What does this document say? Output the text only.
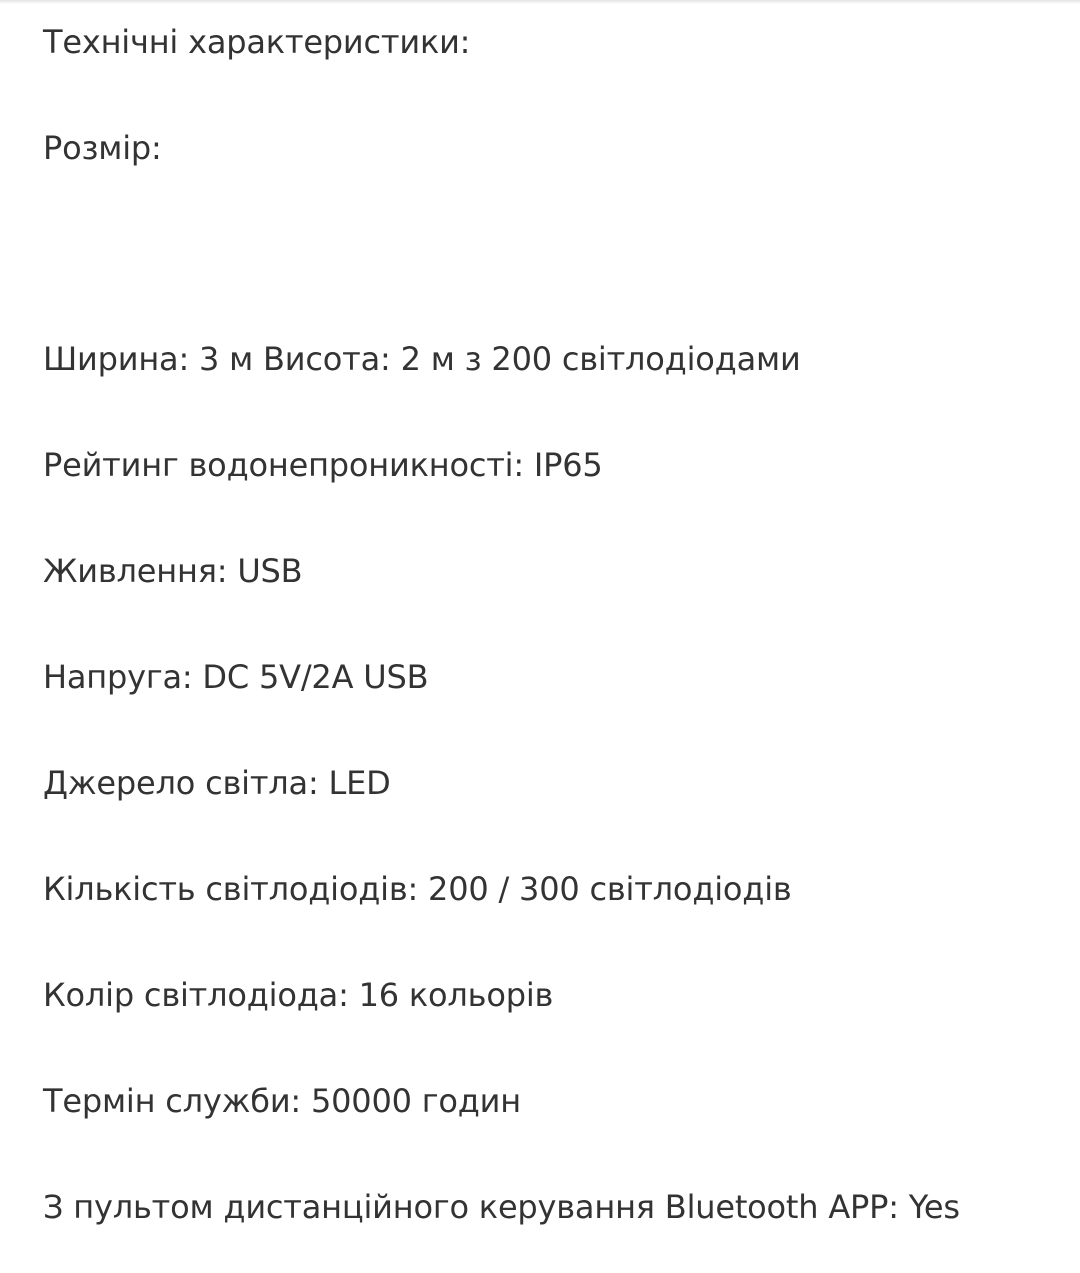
Технічні характеристики:
Розмір:
Ширина: 3 м Висота: 2 м з 200 світлодіодами
Рейтинг водонепроникності: IP65
Живлення: USB
Напруга: DC 5V/2A USB
Джерело світла: LED
Кількість світлодіодів: 200 / 300 світлодіодів
Колір світлодіода: 16 кольорів
Термін служби: 50000 годин
З пультом дистанційного керування Bluetooth APP: Yes
